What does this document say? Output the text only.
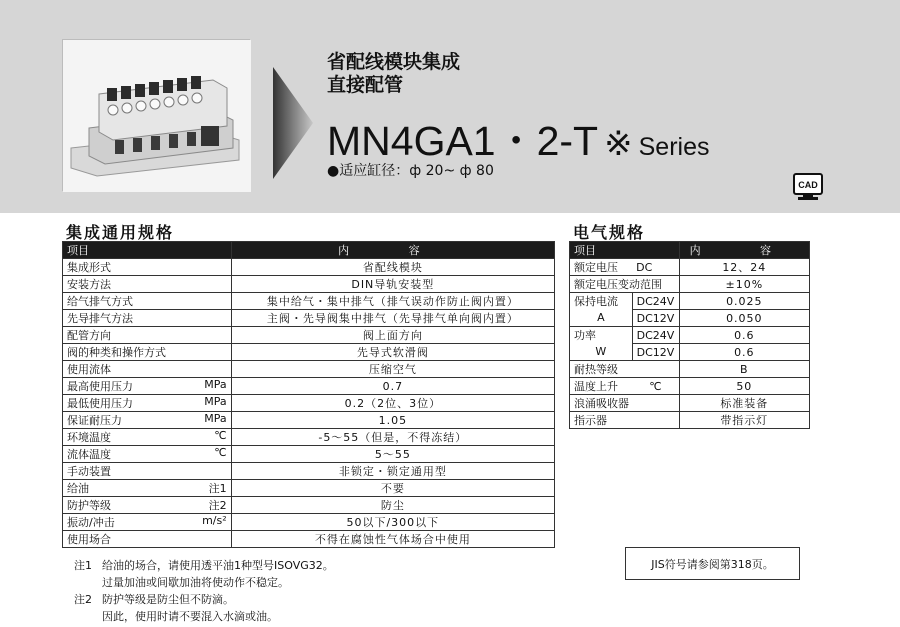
省配线模块集成
直接配管
MN4GA1・2-T ※ Series
●适应缸径：ф 20~ ф 80
CAD
集成通用规格
项目	内 容
集成形式	省配线模块
安装方法	DIN导轨安装型
给气排气方式	集中给气・集中排气（排气误动作防止阀内置）
先导排气方法	主阀・先导阀集中排气（先导排气单向阀内置）
配管方向	阀上面方向
阀的种类和操作方式	先导式软滑阀
使用流体	压缩空气
最高使用压力 MPa	0.7
最低使用压力 MPa	0.2（2位、3位）
保证耐压力 MPa	1.05
环境温度 ℃	-5～55（但是，不得冻结）
流体温度 ℃	5～55
手动装置	非锁定・锁定通用型
给油 注1	不要
防护等级 注2	防尘
振动/冲击 m/s²	50以下/300以下
使用场合	不得在腐蚀性气体场合中使用
电气规格
项目		内 容
额定电压	DC	12、24
额定电压变动范围		±10%
保持电流	DC24V	0.025
A	DC12V	0.050
功率	DC24V	0.6
W	DC12V	0.6
耐热等级		B
温度上升	℃	50
浪涌吸收器		标准装备
指示器		带指示灯
注1 给油的场合，请使用透平油1种型号ISOVG32。
过量加油或间歇加油将使动作不稳定。
注2 防护等级是防尘但不防滴。
因此，使用时请不要混入水滴或油。
JIS符号请参阅第318页。
